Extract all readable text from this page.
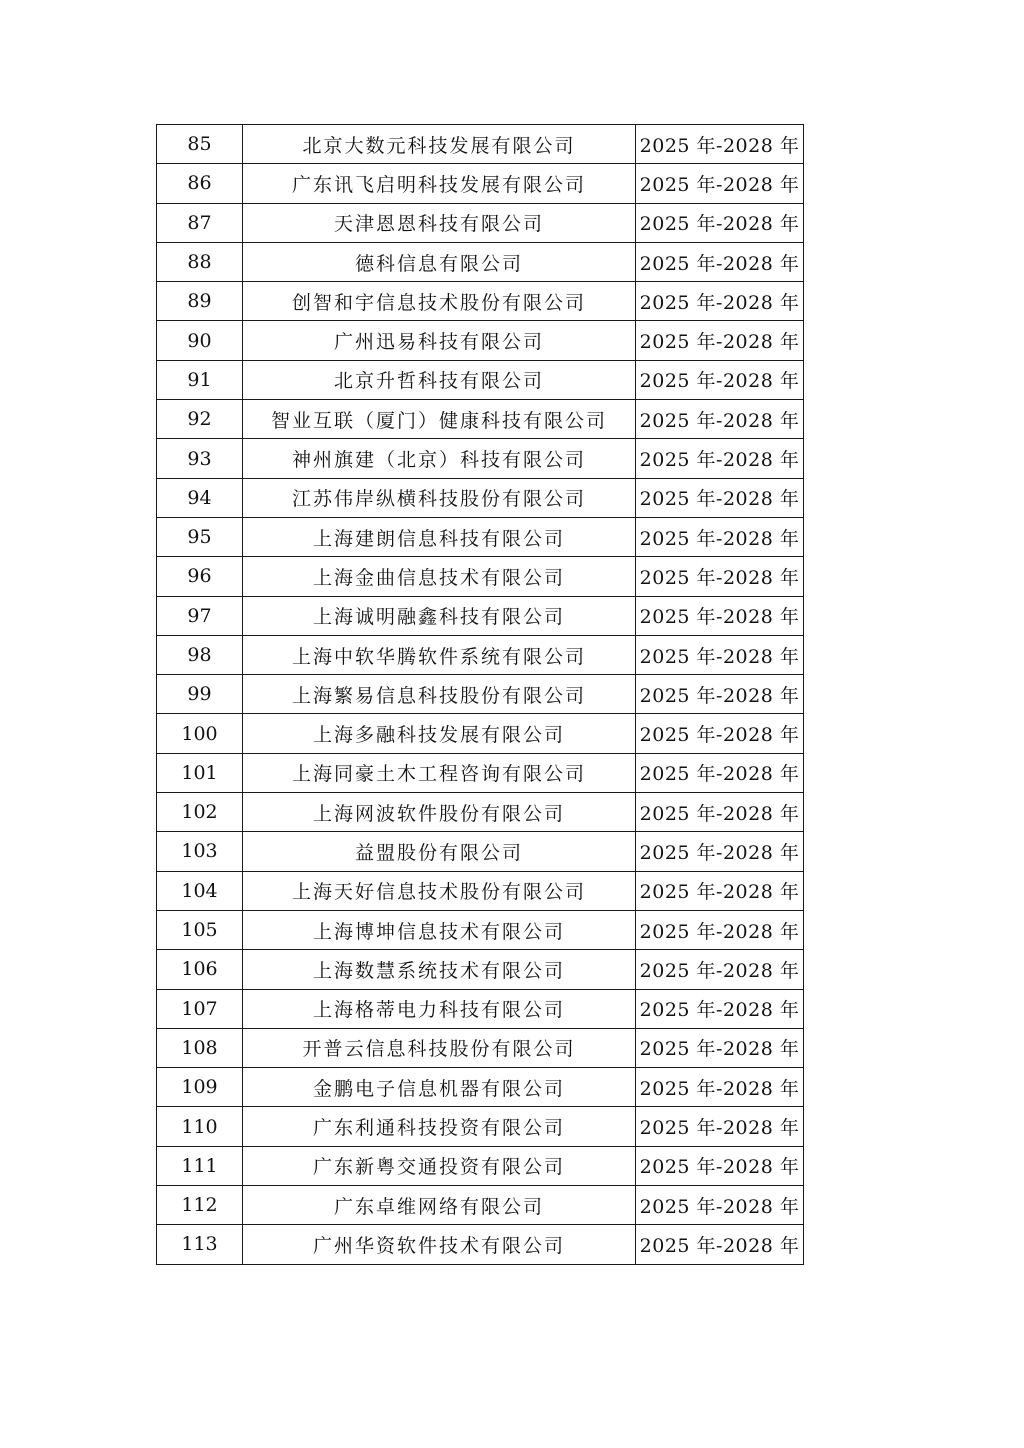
85	北京大数元科技发展有限公司	2025 年-2028 年
86	广东讯飞启明科技发展有限公司	2025 年-2028 年
87	天津恩恩科技有限公司	2025 年-2028 年
88	德科信息有限公司	2025 年-2028 年
89	创智和宇信息技术股份有限公司	2025 年-2028 年
90	广州迅易科技有限公司	2025 年-2028 年
91	北京升哲科技有限公司	2025 年-2028 年
92	智业互联（厦门）健康科技有限公司	2025 年-2028 年
93	神州旗建（北京）科技有限公司	2025 年-2028 年
94	江苏伟岸纵横科技股份有限公司	2025 年-2028 年
95	上海建朗信息科技有限公司	2025 年-2028 年
96	上海金曲信息技术有限公司	2025 年-2028 年
97	上海诚明融鑫科技有限公司	2025 年-2028 年
98	上海中软华腾软件系统有限公司	2025 年-2028 年
99	上海繁易信息科技股份有限公司	2025 年-2028 年
100	上海多融科技发展有限公司	2025 年-2028 年
101	上海同豪土木工程咨询有限公司	2025 年-2028 年
102	上海网波软件股份有限公司	2025 年-2028 年
103	益盟股份有限公司	2025 年-2028 年
104	上海天好信息技术股份有限公司	2025 年-2028 年
105	上海博坤信息技术有限公司	2025 年-2028 年
106	上海数慧系统技术有限公司	2025 年-2028 年
107	上海格蒂电力科技有限公司	2025 年-2028 年
108	开普云信息科技股份有限公司	2025 年-2028 年
109	金鹏电子信息机器有限公司	2025 年-2028 年
110	广东利通科技投资有限公司	2025 年-2028 年
111	广东新粤交通投资有限公司	2025 年-2028 年
112	广东卓维网络有限公司	2025 年-2028 年
113	广州华资软件技术有限公司	2025 年-2028 年
